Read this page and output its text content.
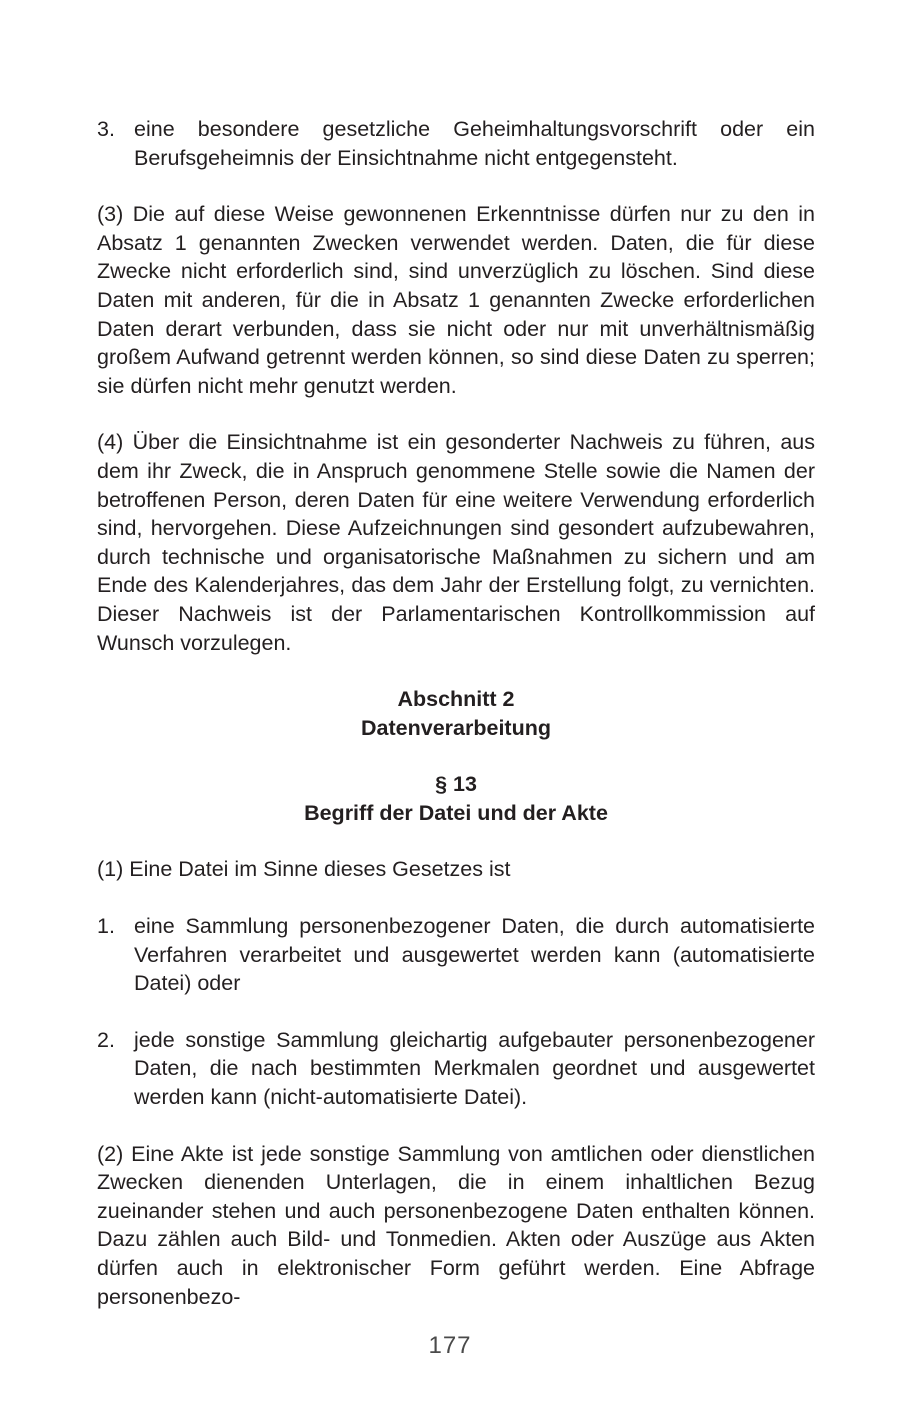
3. eine besondere gesetzliche Geheimhaltungsvorschrift oder ein Berufsgeheimnis der Einsichtnahme nicht entgegensteht.

(3) Die auf diese Weise gewonnenen Erkenntnisse dürfen nur zu den in Absatz 1 genannten Zwecken verwendet werden. Daten, die für diese Zwecke nicht erforderlich sind, sind unverzüglich zu löschen. Sind diese Daten mit anderen, für die in Absatz 1 genannten Zwecke erforderlichen Daten derart verbunden, dass sie nicht oder nur mit unverhältnismäßig großem Aufwand getrennt werden können, so sind diese Daten zu sperren; sie dürfen nicht mehr genutzt werden.

(4) Über die Einsichtnahme ist ein gesonderter Nachweis zu führen, aus dem ihr Zweck, die in Anspruch genommene Stelle sowie die Namen der betroffenen Person, deren Daten für eine weitere Verwendung erforderlich sind, hervorgehen. Diese Aufzeichnungen sind gesondert aufzubewahren, durch technische und organisatorische Maßnahmen zu sichern und am Ende des Kalenderjahres, das dem Jahr der Erstellung folgt, zu vernichten. Dieser Nachweis ist der Parlamentarischen Kontrollkommission auf Wunsch vorzulegen.

Abschnitt 2
Datenverarbeitung
§ 13
Begriff der Datei und der Akte

(1) Eine Datei im Sinne dieses Gesetzes ist

1. eine Sammlung personenbezogener Daten, die durch automatisierte Verfahren verarbeitet und ausgewertet werden kann (automatisierte Datei) oder
2. jede sonstige Sammlung gleichartig aufgebauter personenbezogener Daten, die nach bestimmten Merkmalen geordnet und ausgewertet werden kann (nicht-automatisierte Datei).

(2) Eine Akte ist jede sonstige Sammlung von amtlichen oder dienstlichen Zwecken dienenden Unterlagen, die in einem inhaltlichen Bezug zueinander stehen und auch personenbezogene Daten enthalten können. Dazu zählen auch Bild- und Tonmedien. Akten oder Auszüge aus Akten dürfen auch in elektronischer Form geführt werden. Eine Abfrage personenbezo-

177
